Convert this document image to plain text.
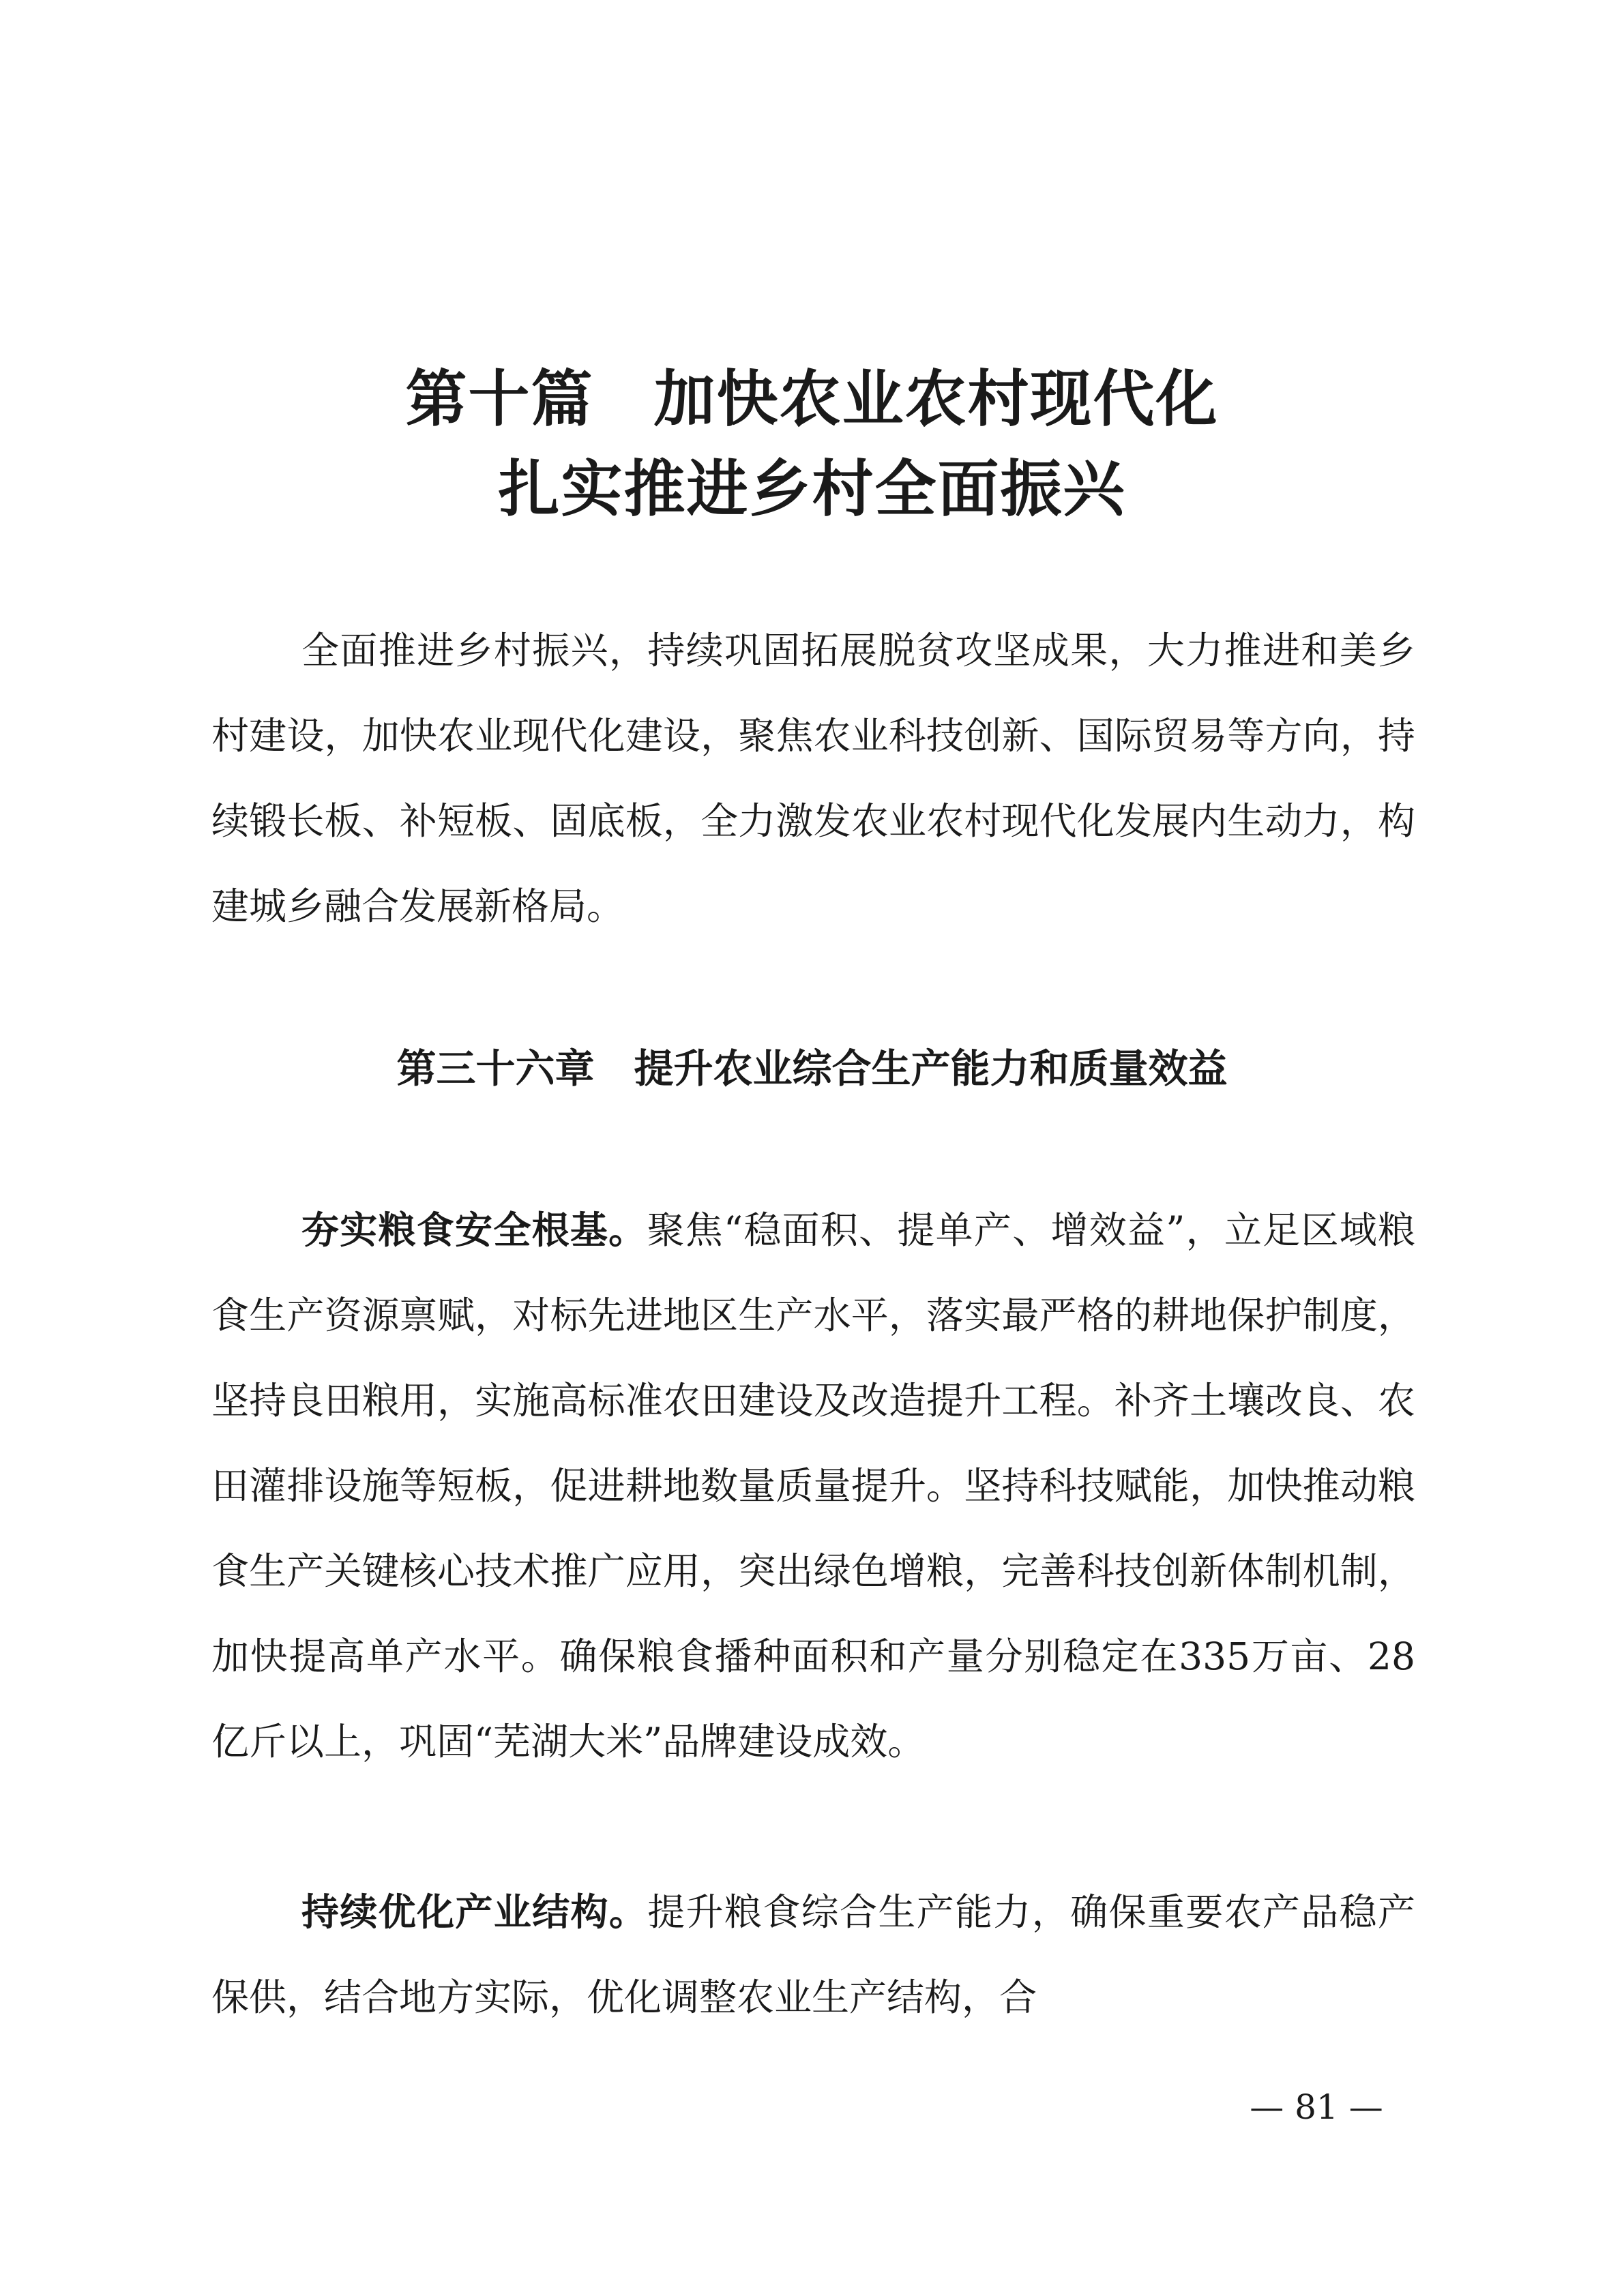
第十篇 加快农业农村现代化
扎实推进乡村全面振兴

全面推进乡村振兴，持续巩固拓展脱贫攻坚成果，大力推进和美乡村建设，加快农业现代化建设，聚焦农业科技创新、国际贸易等方向，持续锻长板、补短板、固底板，全力激发农业农村现代化发展内生动力，构建城乡融合发展新格局。

第三十六章 提升农业综合生产能力和质量效益

夯实粮食安全根基。聚焦“稳面积、提单产、增效益”，立足区域粮食生产资源禀赋，对标先进地区生产水平，落实最严格的耕地保护制度，坚持良田粮用，实施高标准农田建设及改造提升工程。补齐土壤改良、农田灌排设施等短板，促进耕地数量质量提升。坚持科技赋能，加快推动粮食生产关键核心技术推广应用，突出绿色增粮，完善科技创新体制机制，加快提高单产水平。确保粮食播种面积和产量分别稳定在335万亩、28亿斤以上，巩固“芜湖大米”品牌建设成效。

持续优化产业结构。提升粮食综合生产能力，确保重要农产品稳产保供，结合地方实际，优化调整农业生产结构，合

— 81 —
